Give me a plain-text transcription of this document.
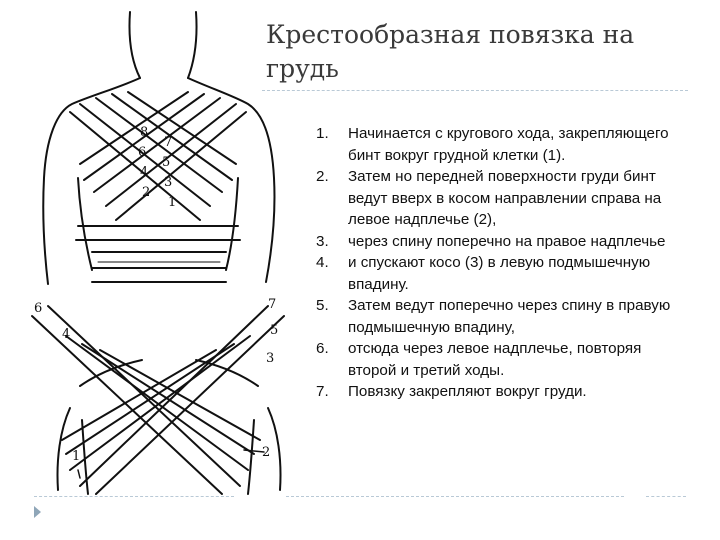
Крестообразная повязка на грудь
1. Начинается с кругового хода, закрепляющего бинт вокруг грудной клетки (1).
2. Затем но передней поверхности груди бинт ведут вверх в косом направлении справа на левое надплечье (2),
3. через спину поперечно на правое надплечье
4. и спускают косо (3) в левую подмышечную впадину.
5. Затем ведут поперечно через спину в правую подмышечную впадину,
6. отсюда через левое надплечье, повторяя второй и третий ходы.
7. Повязку закрепляют вокруг груди.
8
6
4
2
7
5
3
1
6
4
7
5
3
1	2
